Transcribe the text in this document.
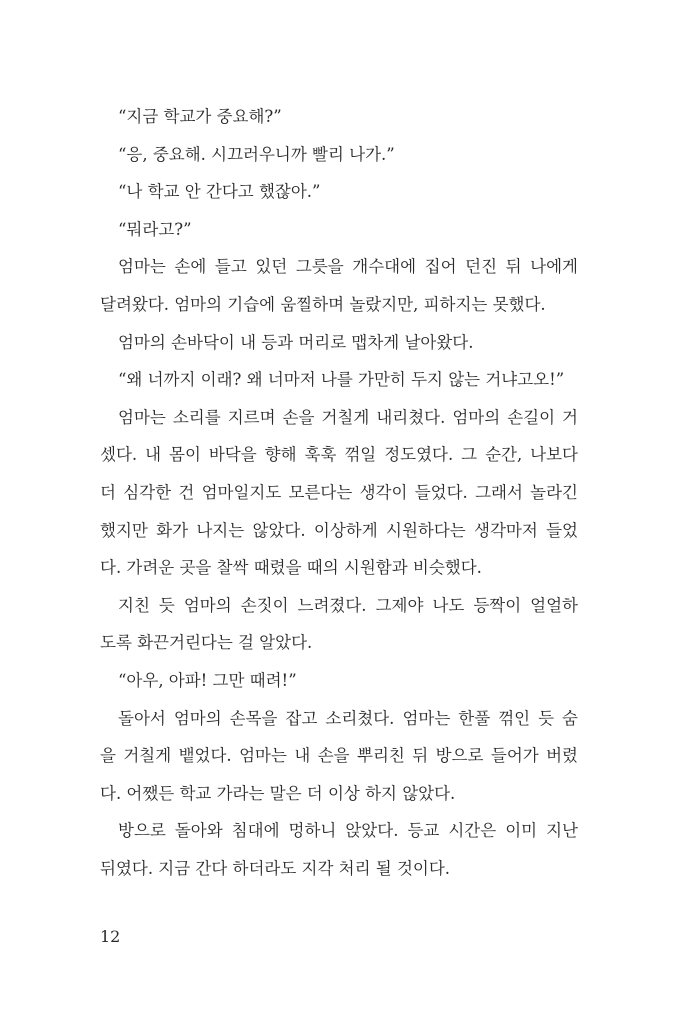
“지금 학교가 중요해?”
“응, 중요해. 시끄러우니까 빨리 나가.”
“나 학교 안 간다고 했잖아.”
“뭐라고?”
엄마는 손에 들고 있던 그릇을 개수대에 집어 던진 뒤 나에게
달려왔다. 엄마의 기습에 움찔하며 놀랐지만, 피하지는 못했다.
엄마의 손바닥이 내 등과 머리로 맵차게 날아왔다.
“왜 너까지 이래? 왜 너마저 나를 가만히 두지 않는 거냐고오!”
엄마는 소리를 지르며 손을 거칠게 내리쳤다. 엄마의 손길이 거
셌다. 내 몸이 바닥을 향해 훅훅 꺾일 정도였다. 그 순간, 나보다
더 심각한 건 엄마일지도 모른다는 생각이 들었다. 그래서 놀라긴
했지만 화가 나지는 않았다. 이상하게 시원하다는 생각마저 들었
다. 가려운 곳을 찰싹 때렸을 때의 시원함과 비슷했다.
지친 듯 엄마의 손짓이 느려졌다. 그제야 나도 등짝이 얼얼하
도록 화끈거린다는 걸 알았다.
“아우, 아파! 그만 때려!”
돌아서 엄마의 손목을 잡고 소리쳤다. 엄마는 한풀 꺾인 듯 숨
을 거칠게 뱉었다. 엄마는 내 손을 뿌리친 뒤 방으로 들어가 버렸
다. 어쨌든 학교 가라는 말은 더 이상 하지 않았다.
방으로 돌아와 침대에 멍하니 앉았다. 등교 시간은 이미 지난
뒤였다. 지금 간다 하더라도 지각 처리 될 것이다.
12
